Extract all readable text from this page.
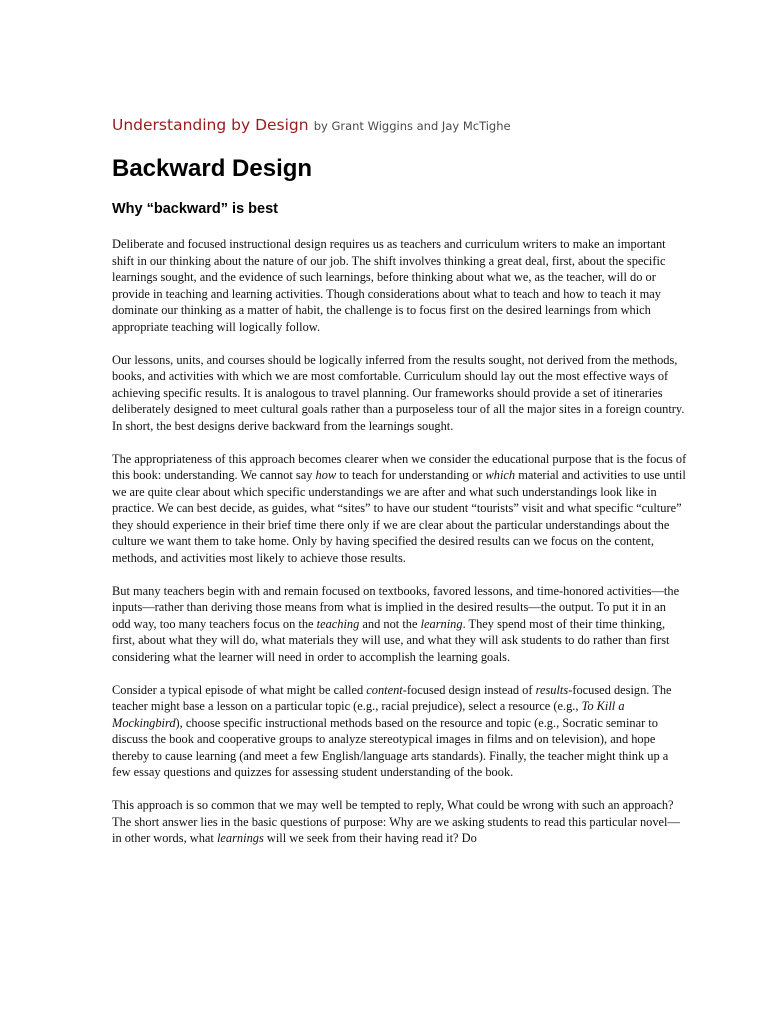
Understanding by Design by Grant Wiggins and Jay McTighe
Backward Design
Why “backward” is best

Deliberate and focused instructional design requires us as teachers and curriculum writers to make an important shift in our thinking about the nature of our job. The shift involves thinking a great deal, first, about the specific learnings sought, and the evidence of such learnings, before thinking about what we, as the teacher, will do or provide in teaching and learning activities. Though considerations about what to teach and how to teach it may dominate our thinking as a matter of habit, the challenge is to focus first on the desired learnings from which appropriate teaching will logically follow.

Our lessons, units, and courses should be logically inferred from the results sought, not derived from the methods, books, and activities with which we are most comfortable. Curriculum should lay out the most effective ways of achieving specific results. It is analogous to travel planning. Our frameworks should provide a set of itineraries deliberately designed to meet cultural goals rather than a purposeless tour of all the major sites in a foreign country. In short, the best designs derive backward from the learnings sought.

The appropriateness of this approach becomes clearer when we consider the educational purpose that is the focus of this book: understanding. We cannot say how to teach for understanding or which material and activities to use until we are quite clear about which specific understandings we are after and what such understandings look like in practice. We can best decide, as guides, what “sites” to have our student “tourists” visit and what specific “culture” they should experience in their brief time there only if we are clear about the particular understandings about the culture we want them to take home. Only by having specified the desired results can we focus on the content, methods, and activities most likely to achieve those results.

But many teachers begin with and remain focused on textbooks, favored lessons, and time-honored activities—the inputs—rather than deriving those means from what is implied in the desired results—the output. To put it in an odd way, too many teachers focus on the teaching and not the learning. They spend most of their time thinking, first, about what they will do, what materials they will use, and what they will ask students to do rather than first considering what the learner will need in order to accomplish the learning goals.

Consider a typical episode of what might be called content-focused design instead of results-focused design. The teacher might base a lesson on a particular topic (e.g., racial prejudice), select a resource (e.g., To Kill a Mockingbird), choose specific instructional methods based on the resource and topic (e.g., Socratic seminar to discuss the book and cooperative groups to analyze stereotypical images in films and on television), and hope thereby to cause learning (and meet a few English/language arts standards). Finally, the teacher might think up a few essay questions and quizzes for assessing student understanding of the book.

This approach is so common that we may well be tempted to reply, What could be wrong with such an approach? The short answer lies in the basic questions of purpose: Why are we asking students to read this particular novel—in other words, what learnings will we seek from their having read it? Do
